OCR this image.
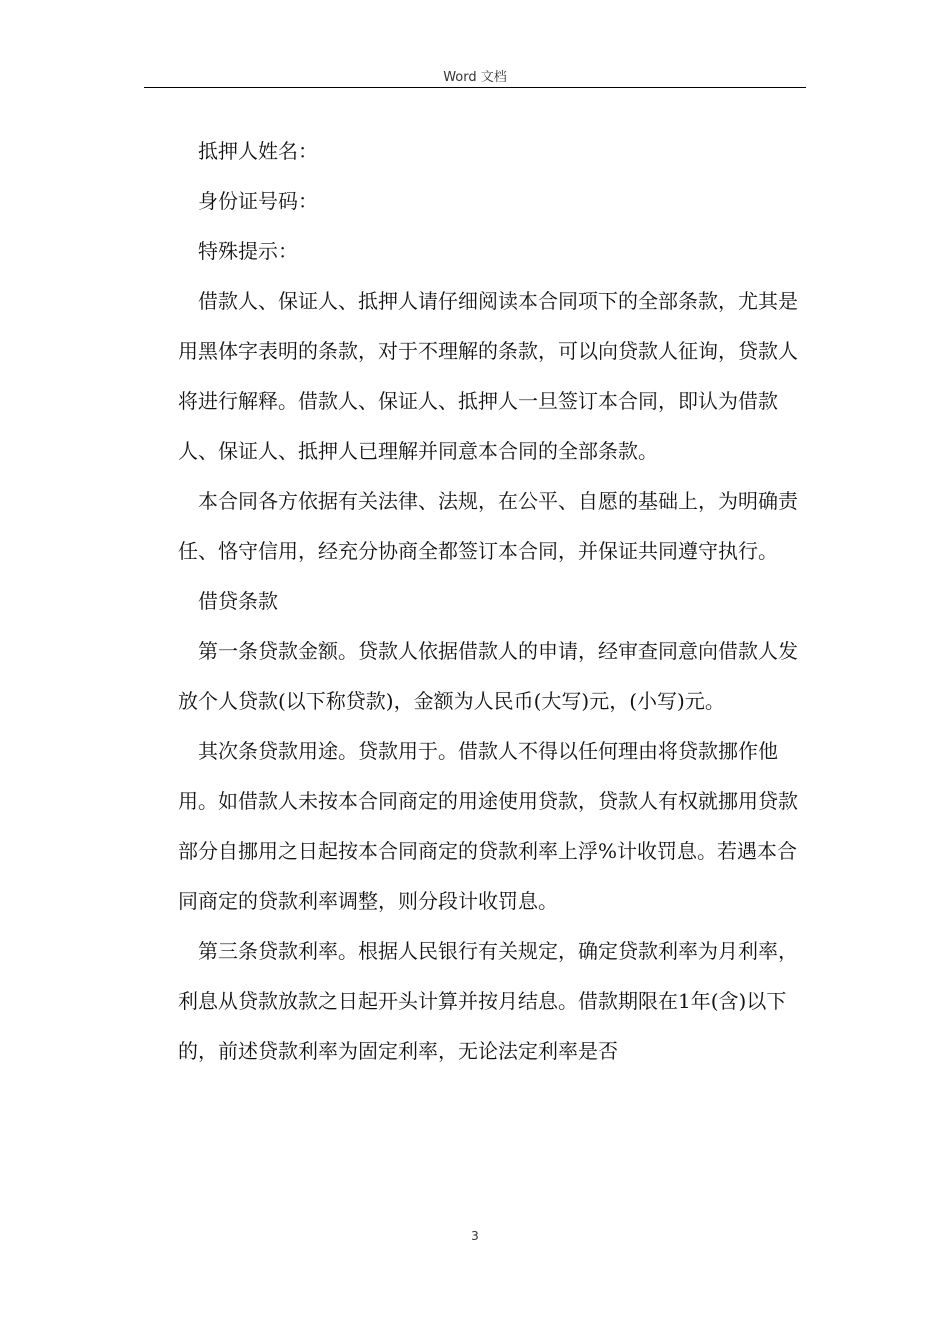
Word 文档

抵押人姓名：

身份证号码：

特殊提示：

借款人、保证人、抵押人请仔细阅读本合同项下的全部条款，尤其是用黑体字表明的条款，对于不理解的条款，可以向贷款人征询，贷款人将进行解释。借款人、保证人、抵押人一旦签订本合同，即认为借款人、保证人、抵押人已理解并同意本合同的全部条款。

本合同各方依据有关法律、法规，在公平、自愿的基础上，为明确责任、恪守信用，经充分协商全都签订本合同，并保证共同遵守执行。

借贷条款

第一条贷款金额。贷款人依据借款人的申请，经审查同意向借款人发放个人贷款(以下称贷款)，金额为人民币(大写)元，(小写)元。

其次条贷款用途。贷款用于。借款人不得以任何理由将贷款挪作他用。如借款人未按本合同商定的用途使用贷款，贷款人有权就挪用贷款部分自挪用之日起按本合同商定的贷款利率上浮%计收罚息。若遇本合同商定的贷款利率调整，则分段计收罚息。

第三条贷款利率。根据人民银行有关规定，确定贷款利率为月利率，利息从贷款放款之日起开头计算并按月结息。借款期限在1年(含)以下的，前述贷款利率为固定利率，无论法定利率是否

3
